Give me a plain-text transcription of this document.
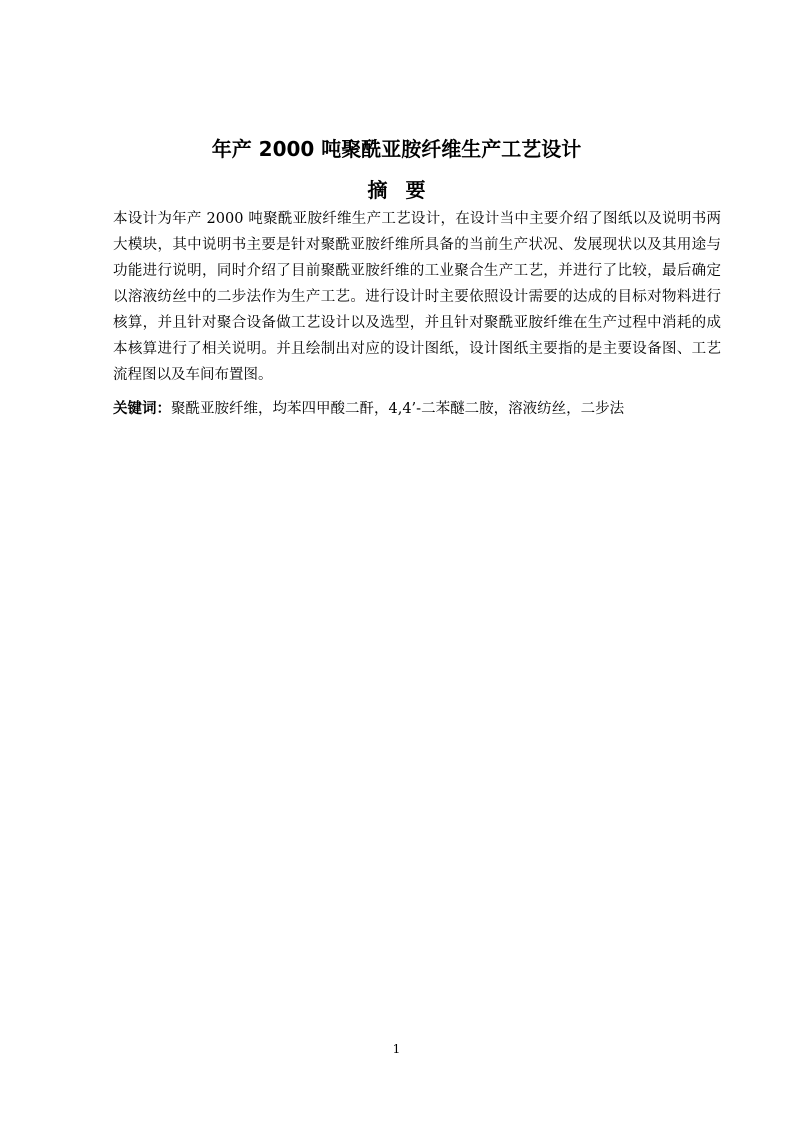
年产 2000 吨聚酰亚胺纤维生产工艺设计
摘要

本设计为年产 2000 吨聚酰亚胺纤维生产工艺设计，在设计当中主要介绍了图纸以及说明书两大模块，其中说明书主要是针对聚酰亚胺纤维所具备的当前生产状况、发展现状以及其用途与功能进行说明，同时介绍了目前聚酰亚胺纤维的工业聚合生产工艺，并进行了比较，最后确定以溶液纺丝中的二步法作为生产工艺。进行设计时主要依照设计需要的达成的目标对物料进行核算，并且针对聚合设备做工艺设计以及选型，并且针对聚酰亚胺纤维在生产过程中消耗的成本核算进行了相关说明。并且绘制出对应的设计图纸，设计图纸主要指的是主要设备图、工艺流程图以及车间布置图。

关键词：聚酰亚胺纤维，均苯四甲酸二酐，4,4’-二苯醚二胺，溶液纺丝，二步法

1
